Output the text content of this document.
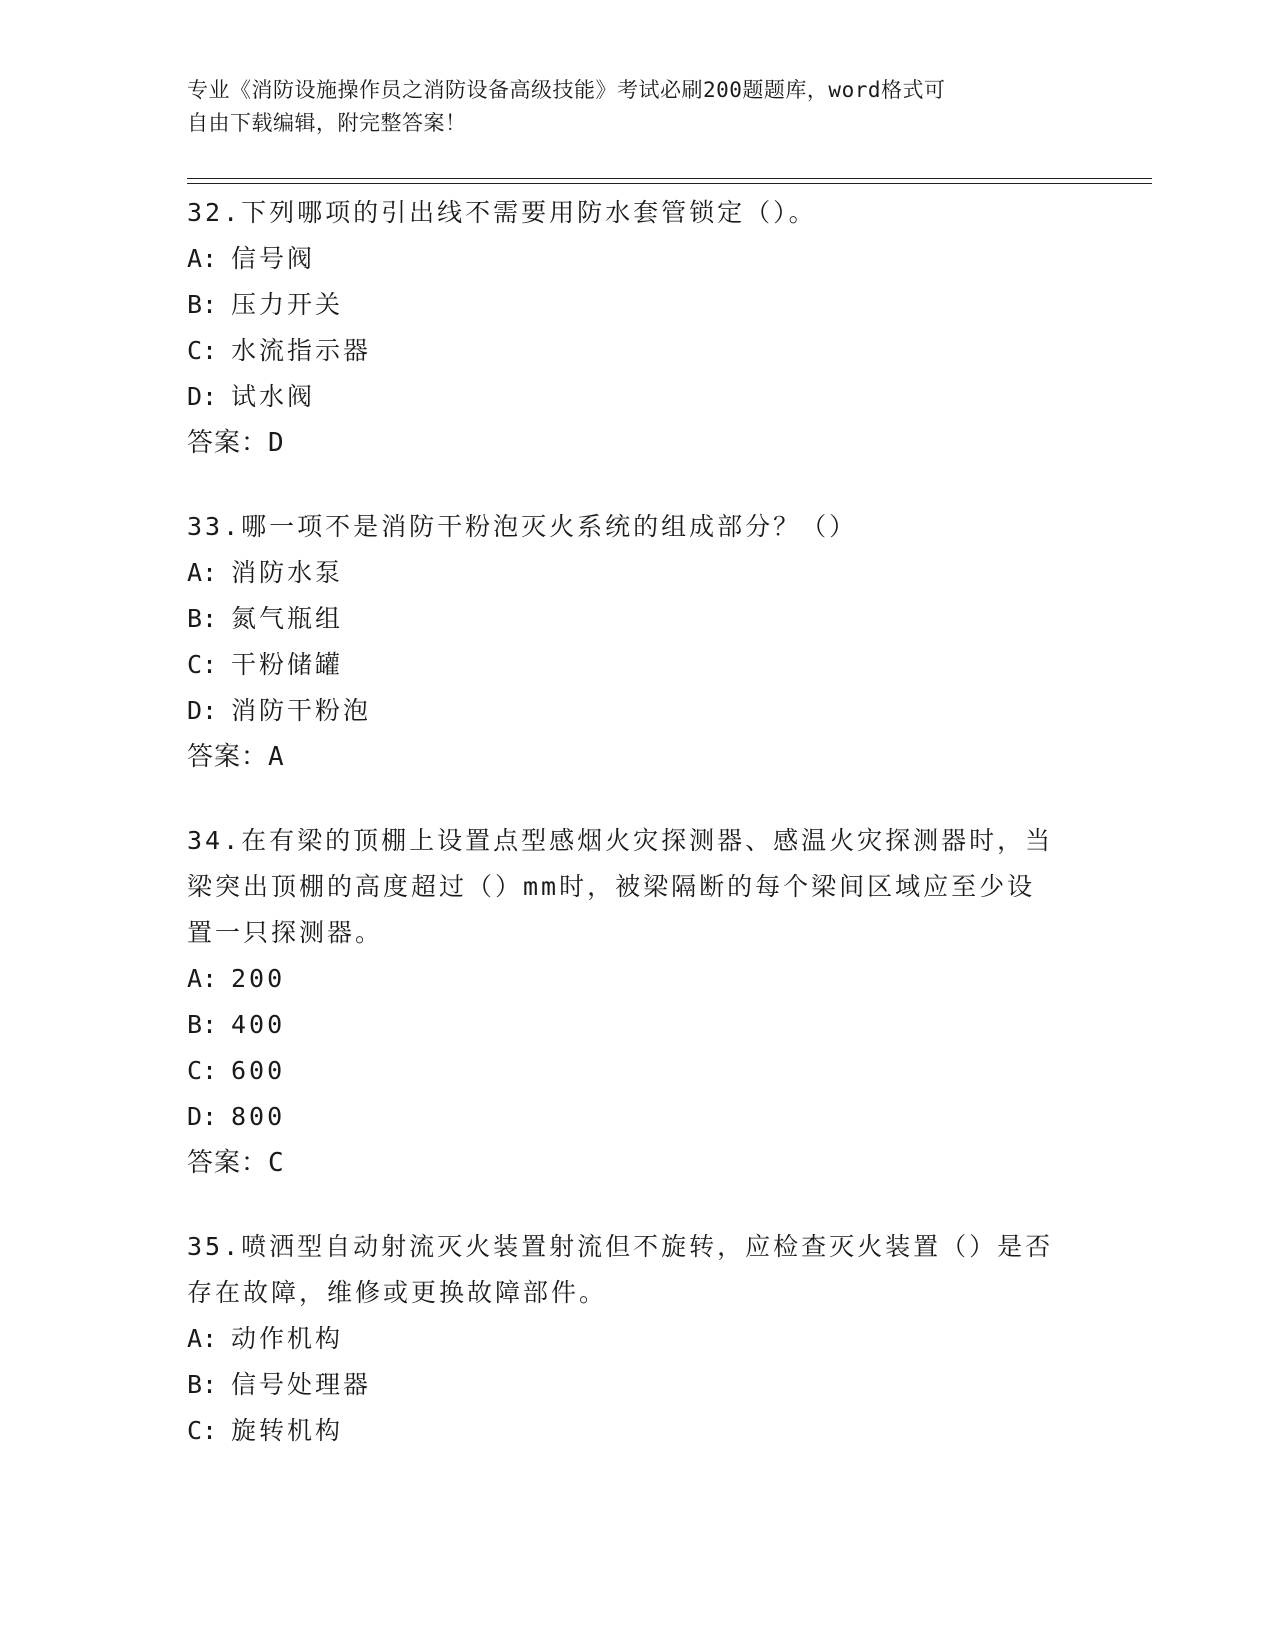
专业《消防设施操作员之消防设备高级技能》考试必刷200题题库，word格式可
自由下载编辑，附完整答案！

32.下列哪项的引出线不需要用防水套管锁定（）。

A: 信号阀
B: 压力开关
C: 水流指示器
D: 试水阀

答案：D

33.哪一项不是消防干粉泡灭火系统的组成部分？（）

A: 消防水泵
B: 氮气瓶组
C: 干粉储罐
D: 消防干粉泡

答案：A

34.在有梁的顶棚上设置点型感烟火灾探测器、感温火灾探测器时，当

梁突出顶棚的高度超过（）mm时，被梁隔断的每个梁间区域应至少设

置一只探测器。

A: 200
B: 400
C: 600
D: 800

答案：C

35.喷洒型自动射流灭火装置射流但不旋转，应检查灭火装置（）是否

存在故障，维修或更换故障部件。

A: 动作机构
B: 信号处理器
C: 旋转机构
